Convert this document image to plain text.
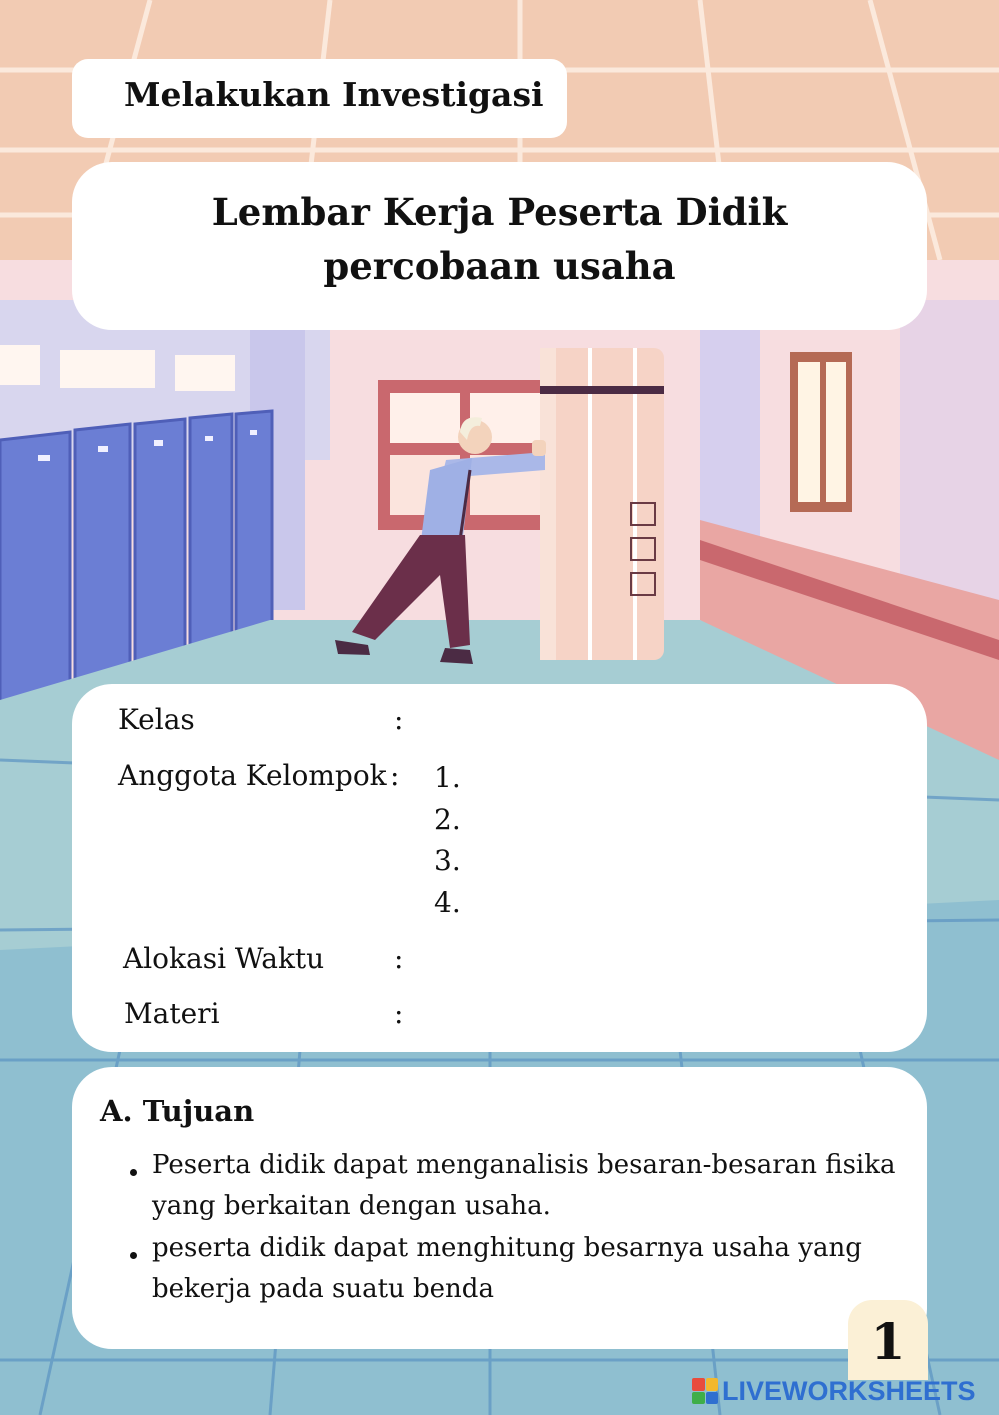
Melakukan Investigasi
Lembar Kerja Peserta Didik
percobaan usaha
Kelas	:
Anggota Kelompok : 1.
2.
3.
4.
Alokasi Waktu :
Materi	:
A. Tujuan
Peserta didik dapat menganalisis besaran-besaran fisika
yang berkaitan dengan usaha.
peserta didik dapat menghitung besarnya usaha yang
bekerja pada suatu benda
1
LIVEWORKSHEETS
